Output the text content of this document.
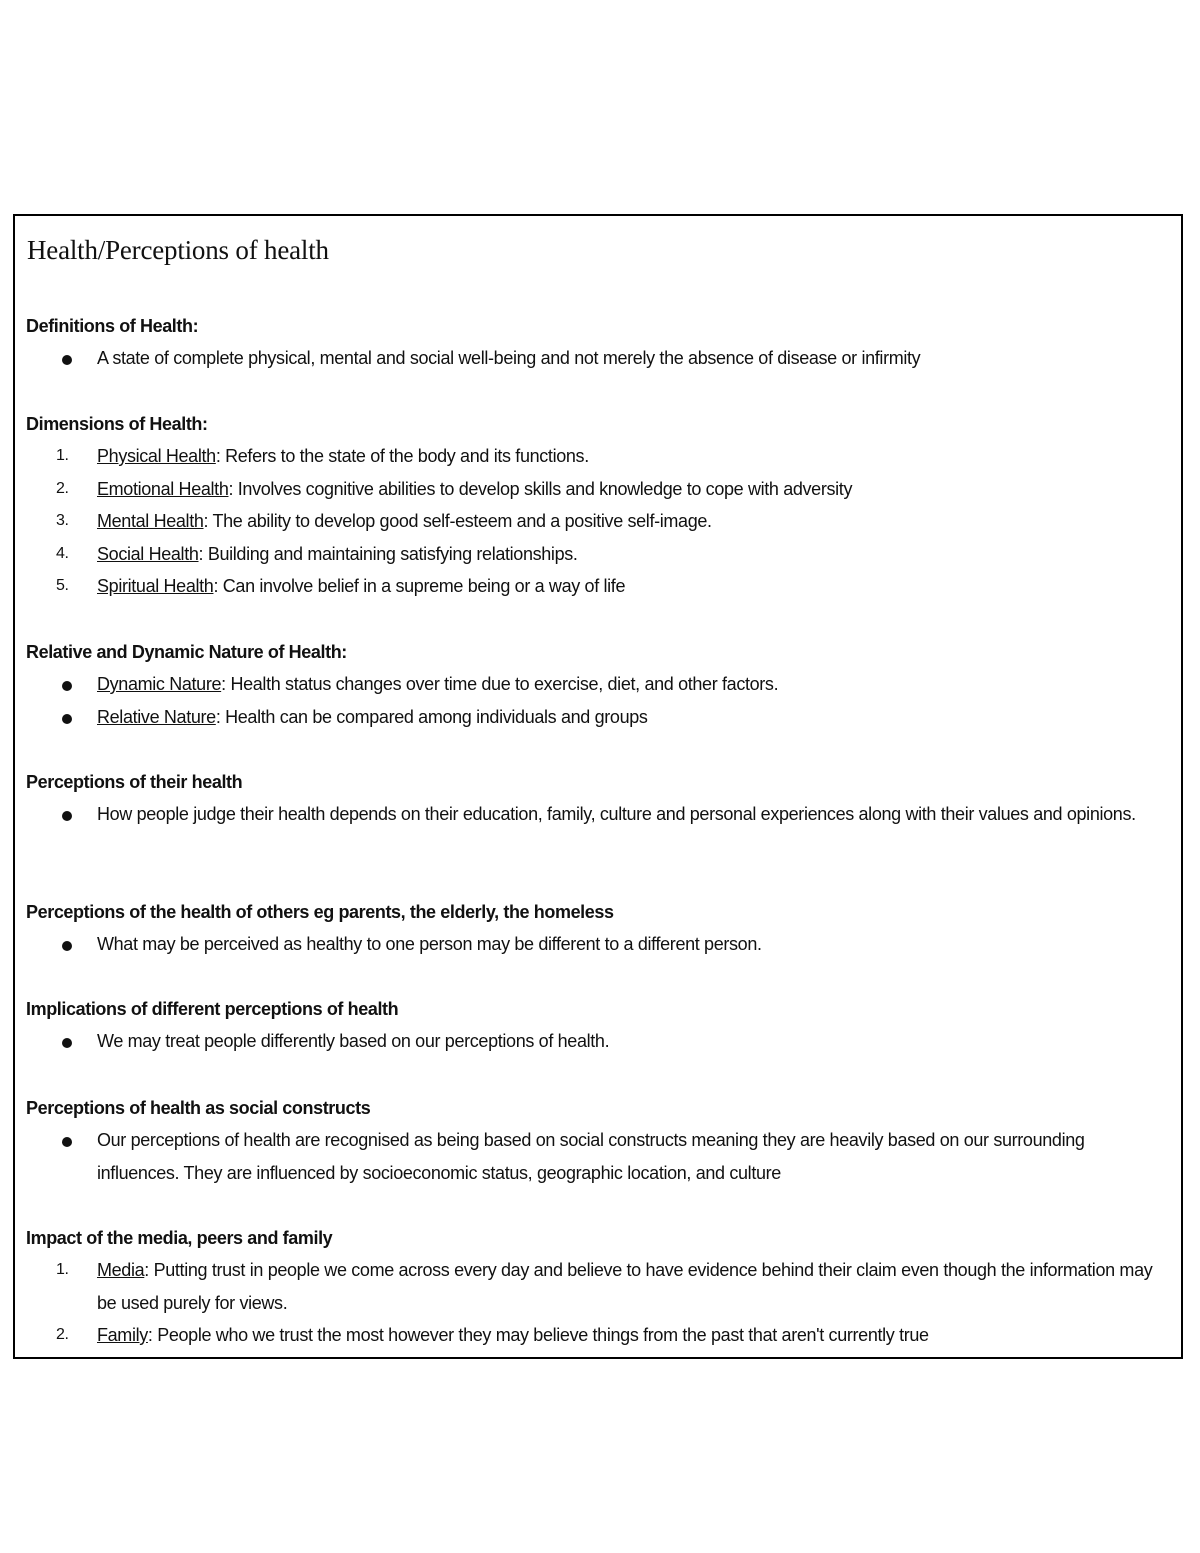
Health/Perceptions of health
Definitions of Health:
A state of complete physical, mental and social well-being and not merely the absence of disease or infirmity
Dimensions of Health:
1.	Physical Health: Refers to the state of the body and its functions.
2.	Emotional Health: Involves cognitive abilities to develop skills and knowledge to cope with adversity
3.	Mental Health: The ability to develop good self-esteem and a positive self-image.
4.	Social Health: Building and maintaining satisfying relationships.
5.	Spiritual Health: Can involve belief in a supreme being or a way of life
Relative and Dynamic Nature of Health:
Dynamic Nature: Health status changes over time due to exercise, diet, and other factors.
Relative Nature: Health can be compared among individuals and groups
Perceptions of their health
How people judge their health depends on their education, family, culture and personal experiences along with their values and opinions.
Perceptions of the health of others eg parents, the elderly, the homeless
What may be perceived as healthy to one person may be different to a different person.
Implications of different perceptions of health
We may treat people differently based on our perceptions of health.
Perceptions of health as social constructs
Our perceptions of health are recognised as being based on social constructs meaning they are heavily based on our surrounding influences. They are influenced by socioeconomic status, geographic location, and culture
Impact of the media, peers and family
1.	Media: Putting trust in people we come across every day and believe to have evidence behind their claim even though the information may be used purely for views.
2.	Family: People who we trust the most however they may believe things from the past that aren't currently true
